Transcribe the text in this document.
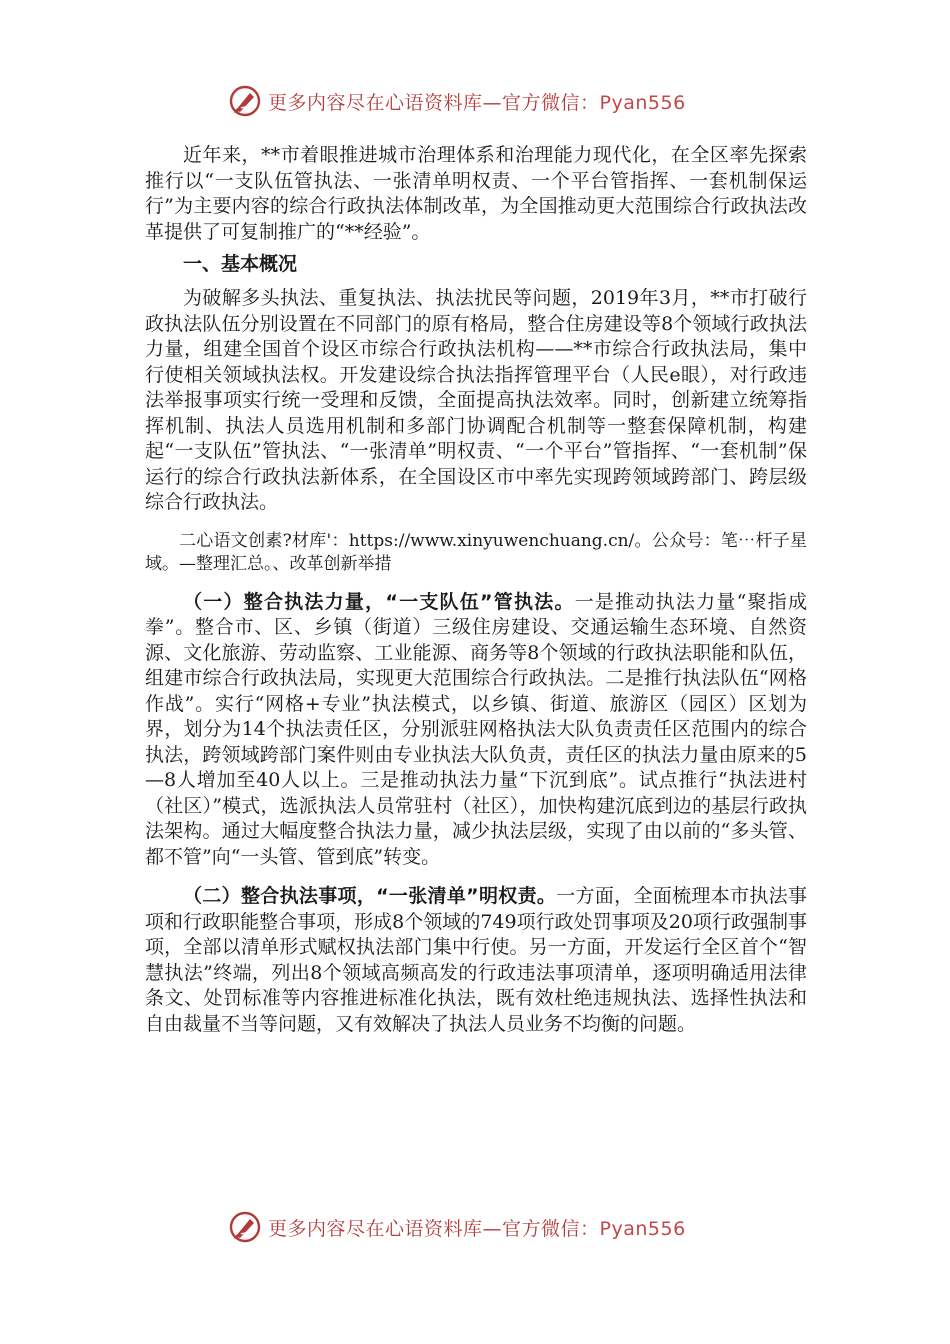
更多内容尽在心语资料库—官方微信：Pyan556

近年来，**市着眼推进城市治理体系和治理能力现代化，在全区率先探索推行以“一支队伍管执法、一张清单明权责、一个平台管指挥、一套机制保运行”为主要内容的综合行政执法体制改革，为全国推动更大范围综合行政执法改革提供了可复制推广的“**经验”。

一、基本概况

为破解多头执法、重复执法、执法扰民等问题，2019年3月，**市打破行政执法队伍分别设置在不同部门的原有格局，整合住房建设等8个领域行政执法力量，组建全国首个设区市综合行政执法机构——**市综合行政执法局，集中行使相关领域执法权。开发建设综合执法指挥管理平台（人民e眼），对行政违法举报事项实行统一受理和反馈，全面提高执法效率。同时，创新建立统筹指挥机制、执法人员选用机制和多部门协调配合机制等一整套保障机制，构建起“一支队伍”管执法、“一张清单”明权责、“一个平台”管指挥、“一套机制”保运行的综合行政执法新体系，在全国设区市中率先实现跨领域跨部门、跨层级综合行政执法。

二心语文创素?材库'：https://www.xinyuwenchuang.cn/。公众号：笔⋯杆子星域。—整理汇总。、改革创新举措

（一）整合执法力量，“一支队伍”管执法。一是推动执法力量“聚指成拳”。整合市、区、乡镇（街道）三级住房建设、交通运输生态环境、自然资源、文化旅游、劳动监察、工业能源、商务等8个领域的行政执法职能和队伍，组建市综合行政执法局，实现更大范围综合行政执法。二是推行执法队伍“网格作战”。实行“网格+专业”执法模式，以乡镇、街道、旅游区（园区）区划为界，划分为14个执法责任区，分别派驻网格执法大队负责责任区范围内的综合执法，跨领域跨部门案件则由专业执法大队负责，责任区的执法力量由原来的5—8人增加至40人以上。三是推动执法力量“下沉到底”。试点推行“执法进村（社区）”模式，选派执法人员常驻村（社区），加快构建沉底到边的基层行政执法架构。通过大幅度整合执法力量，减少执法层级，实现了由以前的“多头管、都不管”向“一头管、管到底”转变。

（二）整合执法事项，“一张清单”明权责。一方面，全面梳理本市执法事项和行政职能整合事项，形成8个领域的749项行政处罚事项及20项行政强制事项，全部以清单形式赋权执法部门集中行使。另一方面，开发运行全区首个“智慧执法”终端，列出8个领域高频高发的行政违法事项清单，逐项明确适用法律条文、处罚标准等内容推进标准化执法，既有效杜绝违规执法、选择性执法和自由裁量不当等问题，又有效解决了执法人员业务不均衡的问题。

更多内容尽在心语资料库—官方微信：Pyan556
